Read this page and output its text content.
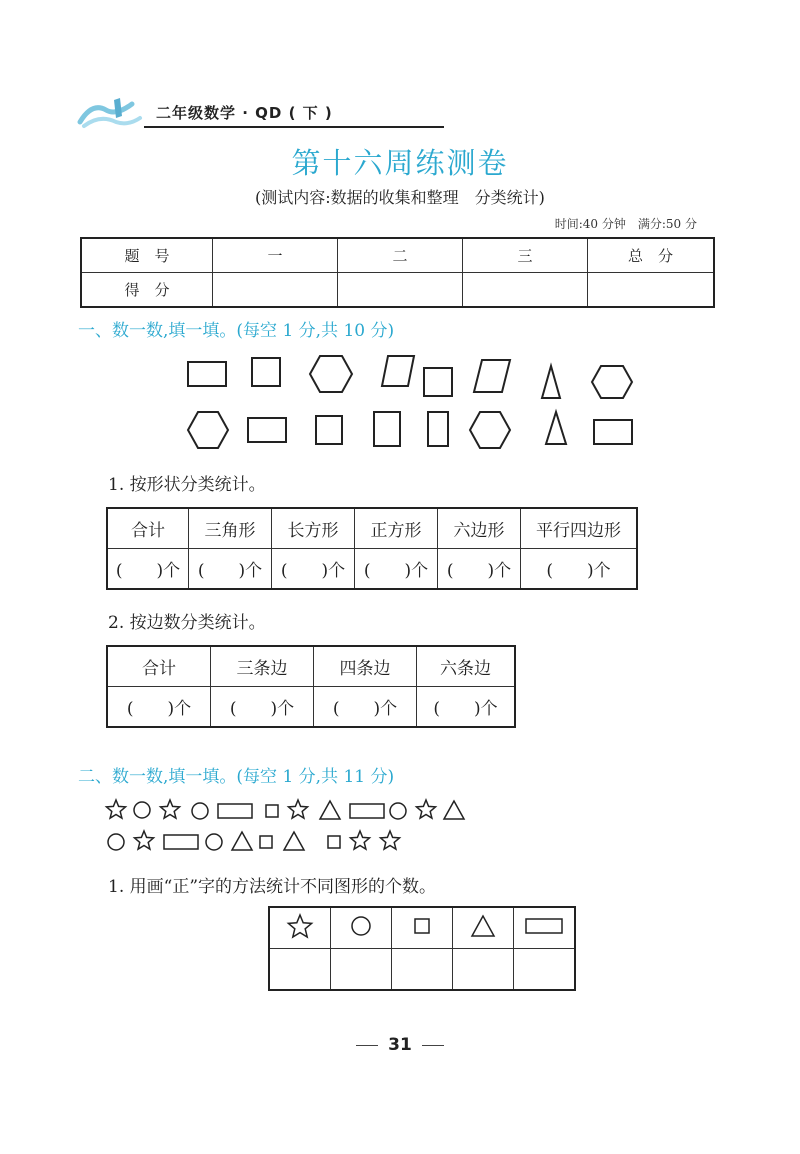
二年级数学 · QD ( 下 )
第十六周练测卷
(测试内容:数据的收集和整理　分类统计)
时间:40 分钟　满分:50 分
题　号	一	二	三	总　分
得　分				
一、数一数,填一填。(每空 1 分,共 10 分)
1. 按形状分类统计。
合计	三角形	长方形	正方形	六边形	平行四边形
(　　)个	(　　)个	(　　)个	(　　)个	(　　)个	(　　)个
2. 按边数分类统计。
合计	三条边	四条边	六条边
(　　)个	(　　)个	(　　)个	(　　)个
二、数一数,填一填。(每空 1 分,共 11 分)
1. 用画“正”字的方法统计不同图形的个数。

31
